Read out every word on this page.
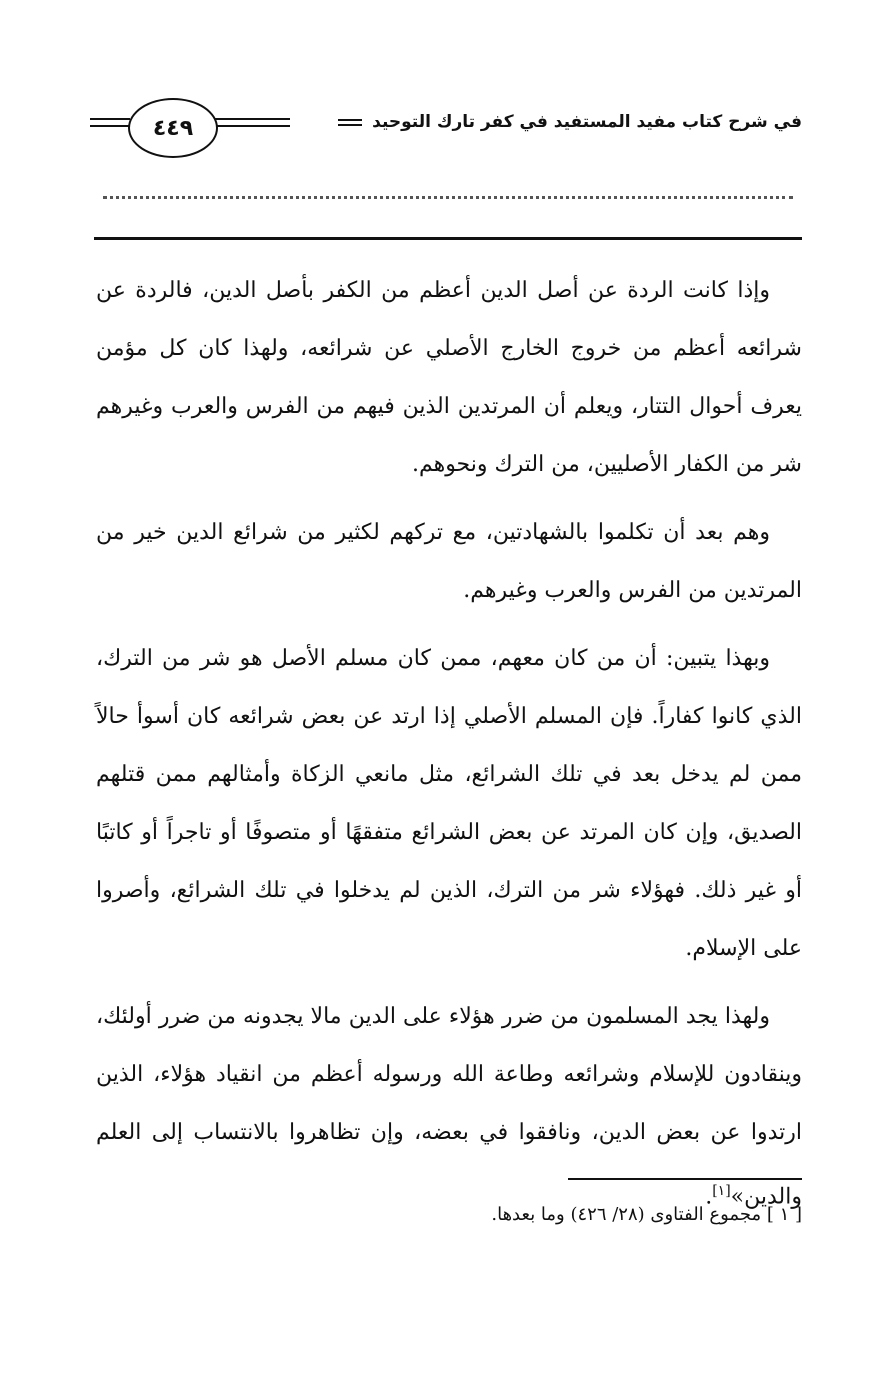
٤٤٩	في شرح كتاب مفيد المستفيد في كفر تارك التوحيد

وإذا كانت الردة عن أصل الدين أعظم من الكفر بأصل الدين، فالردة عن شرائعه أعظم من خروج الخارج الأصلي عن شرائعه، ولهذا كان كل مؤمن يعرف أحوال التتار، ويعلم أن المرتدين الذين فيهم من الفرس والعرب وغيرهم شر من الكفار الأصليين، من الترك ونحوهم.

وهم بعد أن تكلموا بالشهادتين، مع تركهم لكثير من شرائع الدين خير من المرتدين من الفرس والعرب وغيرهم.

وبهذا يتبين: أن من كان معهم، ممن كان مسلم الأصل هو شر من الترك، الذي كانوا كفاراً. فإن المسلم الأصلي إذا ارتد عن بعض شرائعه كان أسوأ حالاً ممن لم يدخل بعد في تلك الشرائع، مثل مانعي الزكاة وأمثالهم ممن قتلهم الصديق، وإن كان المرتد عن بعض الشرائع متفقهًا أو متصوفًا أو تاجراً أو كاتبًا أو غير ذلك. فهؤلاء شر من الترك، الذين لم يدخلوا في تلك الشرائع، وأصروا على الإسلام.

ولهذا يجد المسلمون من ضرر هؤلاء على الدين مالا يجدونه من ضرر أولئك، وينقادون للإسلام وشرائعه وطاعة الله ورسوله أعظم من انقياد هؤلاء، الذين ارتدوا عن بعض الدين، ونافقوا في بعضه، وإن تظاهروا بالانتساب إلى العلم والدين»[١].

[ ١ ] مجموع الفتاوى (٢٨/ ٤٢٦) وما بعدها.
